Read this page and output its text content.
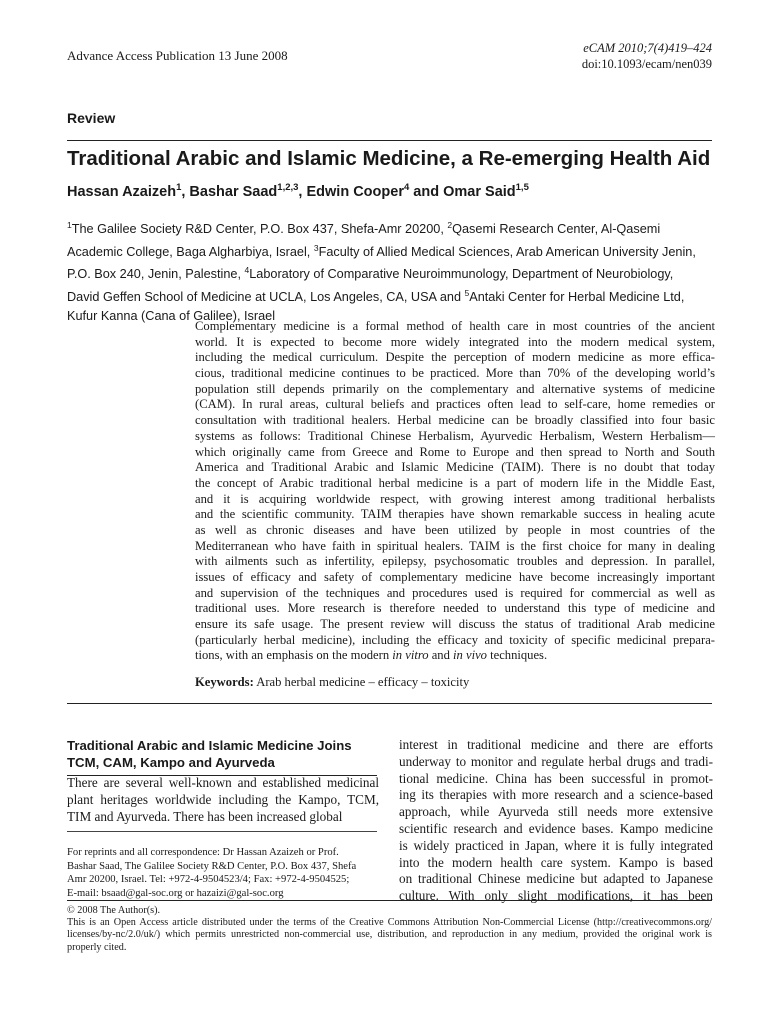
Advance Access Publication 13 June 2008	eCAM 2010;7(4)419–424
doi:10.1093/ecam/nen039
Review
Traditional Arabic and Islamic Medicine, a Re-emerging Health Aid
Hassan Azaizeh$^1$, Bashar Saad$^{1,2,3}$, Edwin Cooper$^4$ and Omar Said$^{1,5}$
$^1$The Galilee Society R&D Center, P.O. Box 437, Shefa-Amr 20200, $^2$Qasemi Research Center, Al-Qasemi
Academic College, Baga Algharbiya, Israel, $^3$Faculty of Allied Medical Sciences, Arab American University Jenin,
P.O. Box 240, Jenin, Palestine, $^4$Laboratory of Comparative Neuroimmunology, Department of Neurobiology,
David Geffen School of Medicine at UCLA, Los Angeles, CA, USA and $^5$Antaki Center for Herbal Medicine Ltd,
Kufur Kanna (Cana of Galilee), Israel
Complementary medicine is a formal method of health care in most countries of the ancient
world. It is expected to become more widely integrated into the modern medical system,
including the medical curriculum. Despite the perception of modern medicine as more effica-
cious, traditional medicine continues to be practiced. More than 70% of the developing world’s
population still depends primarily on the complementary and alternative systems of medicine
(CAM). In rural areas, cultural beliefs and practices often lead to self-care, home remedies or
consultation with traditional healers. Herbal medicine can be broadly classified into four basic
systems as follows: Traditional Chinese Herbalism, Ayurvedic Herbalism, Western Herbalism—
which originally came from Greece and Rome to Europe and then spread to North and South
America and Traditional Arabic and Islamic Medicine (TAIM). There is no doubt that today
the concept of Arabic traditional herbal medicine is a part of modern life in the Middle East,
and it is acquiring worldwide respect, with growing interest among traditional herbalists
and the scientific community. TAIM therapies have shown remarkable success in healing acute
as well as chronic diseases and have been utilized by people in most countries of the
Mediterranean who have faith in spiritual healers. TAIM is the first choice for many in dealing
with ailments such as infertility, epilepsy, psychosomatic troubles and depression. In parallel,
issues of efficacy and safety of complementary medicine have become increasingly important
and supervision of the techniques and procedures used is required for commercial as well as
traditional uses. More research is therefore needed to understand this type of medicine and
ensure its safe usage. The present review will discuss the status of traditional Arab medicine
(particularly herbal medicine), including the efficacy and toxicity of specific medicinal prepara-
tions, with an emphasis on the modern in vitro and in vivo techniques.
Keywords: Arab herbal medicine – efficacy – toxicity
Traditional Arabic and Islamic Medicine Joins TCM, CAM, Kampo and Ayurveda
There are several well-known and established medicinal
plant heritages worldwide including the Kampo, TCM,
TIM and Ayurveda. There has been increased global
For reprints and all correspondence: Dr Hassan Azaizeh or Prof.
Bashar Saad, The Galilee Society R&D Center, P.O. Box 437, Shefa
Amr 20200, Israel. Tel: +972-4-9504523/4; Fax: +972-4-9504525;
E-mail: bsaad@gal-soc.org or hazaizi@gal-soc.org
interest in traditional medicine and there are efforts
underway to monitor and regulate herbal drugs and tradi-
tional medicine. China has been successful in promot-
ing its therapies with more research and a science-based
approach, while Ayurveda still needs more extensive
scientific research and evidence bases. Kampo medicine
is widely practiced in Japan, where it is fully integrated
into the modern health care system. Kampo is based
on traditional Chinese medicine but adapted to Japanese
culture. With only slight modifications, it has been
© 2008 The Author(s).
This is an Open Access article distributed under the terms of the Creative Commons Attribution Non-Commercial License (http://creativecommons.org/
licenses/by-nc/2.0/uk/) which permits unrestricted non-commercial use, distribution, and reproduction in any medium, provided the original work is
properly cited.
